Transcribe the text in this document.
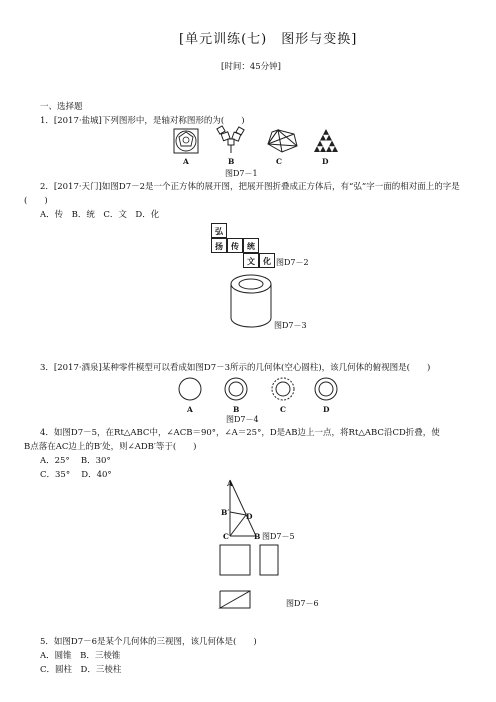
[单元训练(七)　图形与变换]
[时间：45分钟]
一、选择题
1．[2017·盐城]下列图形中，是轴对称图形的为(　　)
A	B	C	D
图D7－1
2．[2017·天门]如图D7－2是一个正方体的展开图，把展开图折叠成正方体后，有“弘”字一面的相对面上的字是
(　　)
A．传　B．统　C．文　D．化
弘
扬	传	统
文	化 图D7－2
图D7－3
3．[2017·酒泉]某种零件模型可以看成如图D7－3所示的几何体(空心圆柱)，该几何体的俯视图是(　　)
A	B	C	D
图D7－4
4．如图D7－5，在Rt△ABC中，∠ACB＝90°，∠A＝25°，D是AB边上一点，将Rt△ABC沿CD折叠，使
B点落在AC边上的B′处，则∠ADB′等于(　　)
A．25°　 B．30°
C．35°　 D．40°
A
B′ D
C	B 图D7－5
图D7－6
5．如图D7－6是某个几何体的三视图，该几何体是(　　)
A．圆锥　B．三棱锥
C．圆柱　D．三棱柱
